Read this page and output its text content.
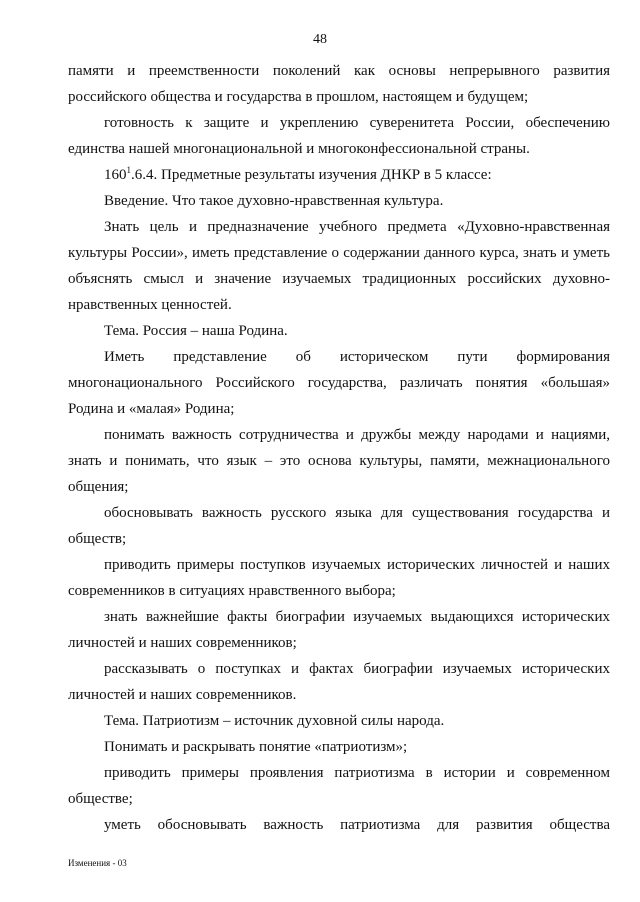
48

памяти и преемственности поколений как основы непрерывного развития российского общества и государства в прошлом, настоящем и будущем;

готовность к защите и укреплению суверенитета России, обеспечению единства нашей многонациональной и многоконфессиональной страны.

$160^1.6.4$. Предметные результаты изучения ДНКР в 5 классе:

Введение. Что такое духовно-нравственная культура.

Знать цель и предназначение учебного предмета «Духовно-нравственная культуры России», иметь представление о содержании данного курса, знать и уметь объяснять смысл и значение изучаемых традиционных российских духовно-нравственных ценностей.

Тема. Россия – наша Родина.

Иметь представление об историческом пути формирования многонационального Российского государства, различать понятия «большая» Родина и «малая» Родина;

понимать важность сотрудничества и дружбы между народами и нациями, знать и понимать, что язык – это основа культуры, памяти, межнационального общения;

обосновывать важность русского языка для существования государства и обществ;

приводить примеры поступков изучаемых исторических личностей и наших современников в ситуациях нравственного выбора;

знать важнейшие факты биографии изучаемых выдающихся исторических личностей и наших современников;

рассказывать о поступках и фактах биографии изучаемых исторических личностей и наших современников.

Тема. Патриотизм – источник духовной силы народа.

Понимать и раскрывать понятие «патриотизм»;

приводить примеры проявления патриотизма в истории и современном обществе;

уметь обосновывать важность патриотизма для развития общества

Изменения - 03
